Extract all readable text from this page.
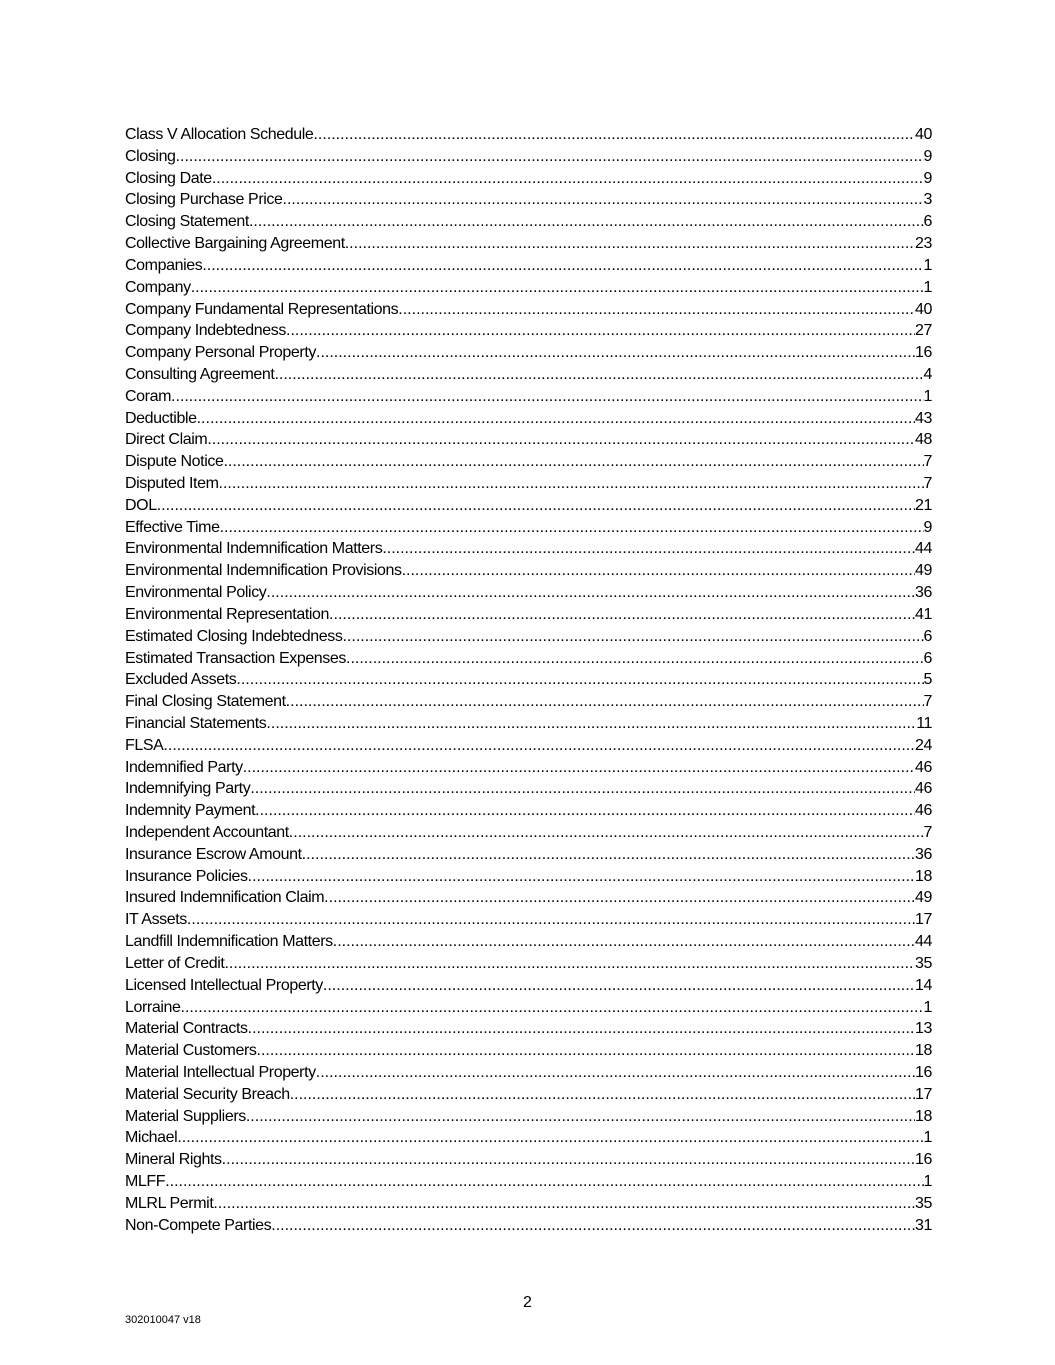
Class V Allocation Schedule .....	40
Closing .....	9
Closing Date .....	9
Closing Purchase Price .....	3
Closing Statement .....	6
Collective Bargaining Agreement .....	23
Companies .....	1
Company .....	1
Company Fundamental Representations .....	40
Company Indebtedness .....	27
Company Personal Property .....	16
Consulting Agreement .....	4
Coram .....	1
Deductible .....	43
Direct Claim .....	48
Dispute Notice .....	7
Disputed Item .....	7
DOL .....	21
Effective Time .....	9
Environmental Indemnification Matters .....	44
Environmental Indemnification Provisions .....	49
Environmental Policy .....	36
Environmental Representation .....	41
Estimated Closing Indebtedness .....	6
Estimated Transaction Expenses .....	6
Excluded Assets .....	5
Final Closing Statement .....	7
Financial Statements .....	11
FLSA .....	24
Indemnified Party .....	46
Indemnifying Party .....	46
Indemnity Payment .....	46
Independent Accountant .....	7
Insurance Escrow Amount .....	36
Insurance Policies .....	18
Insured Indemnification Claim .....	49
IT Assets .....	17
Landfill Indemnification Matters .....	44
Letter of Credit .....	35
Licensed Intellectual Property .....	14
Lorraine .....	1
Material Contracts .....	13
Material Customers .....	18
Material Intellectual Property .....	16
Material Security Breach .....	17
Material Suppliers .....	18
Michael .....	1
Mineral Rights .....	16
MLFF .....	1
MLRL Permit .....	35
Non-Compete Parties .....	31
2
302010047 v18
